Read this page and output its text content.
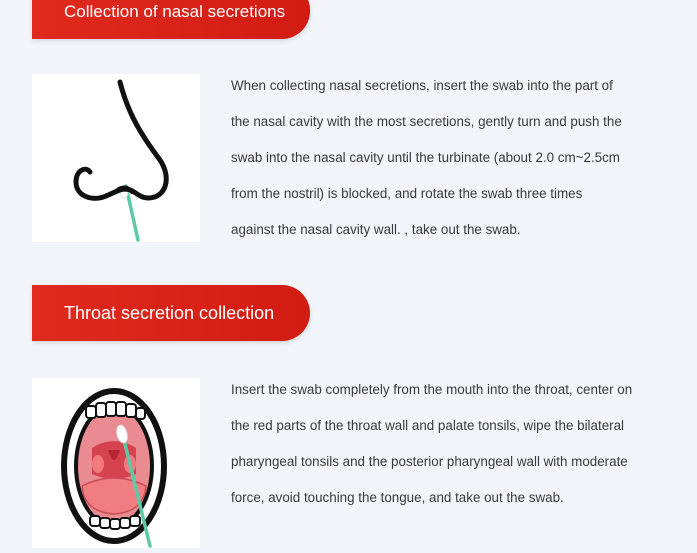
Collection of nasal secretions

When collecting nasal secretions, insert the swab into the part of
the nasal cavity with the most secretions, gently turn and push the
swab into the nasal cavity until the turbinate (about 2.0 cm~2.5cm
from the nostril) is blocked, and rotate the swab three times
against the nasal cavity wall. , take out the swab.

Throat secretion collection

Insert the swab completely from the mouth into the throat, center on
the red parts of the throat wall and palate tonsils, wipe the bilateral
pharyngeal tonsils and the posterior pharyngeal wall with moderate
force, avoid touching the tongue, and take out the swab.
